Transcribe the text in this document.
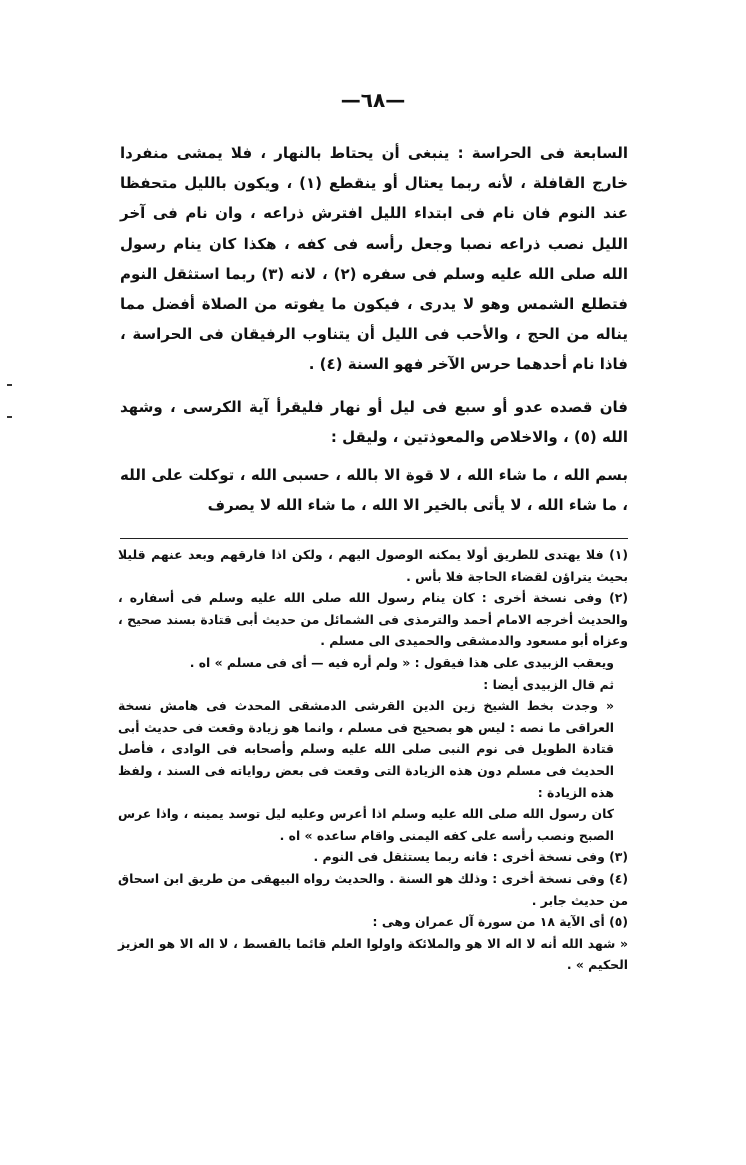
—٦٨—

السابعة فى الحراسة : ينبغى أن يحتاط بالنهار ، فلا يمشى منفردا خارج القافلة ، لأنه ربما يعتال أو ينقطع (١) ، ويكون بالليل متحفظا عند النوم فان نام فى ابتداء الليل افترش ذراعه ، وان نام فى آخر الليل نصب ذراعه نصبا وجعل رأسه فى كفه ، هكذا كان ينام رسول الله صلى الله عليه وسلم فى سفره (٢) ، لانه (٣) ربما استثقل النوم فتطلع الشمس وهو لا يدرى ، فيكون ما يفوته من الصلاة أفضل مما يناله من الحج ، والأحب فى الليل أن يتناوب الرفيقان فى الحراسة ، فاذا نام أحدهما حرس الآخر فهو السنة (٤) .

فان قصده عدو أو سبع فى ليل أو نهار فليقرأ آية الكرسى ، وشهد الله (٥) ، والاخلاص والمعوذتين ، وليقل :

بسم الله ، ما شاء الله ، لا قوة الا بالله ، حسبى الله ، توكلت على الله ، ما شاء الله ، لا يأتى بالخير الا الله ، ما شاء الله لا يصرف

(١) فلا يهتدى للطريق أولا يمكنه الوصول اليهم ، ولكن اذا فارقهم وبعد عنهم قليلا بحيث يتراؤن لقضاء الحاجة فلا بأس .

(٢) وفى نسخة أخرى : كان ينام رسول الله صلى الله عليه وسلم فى أسفاره ، والحديث أخرجه الامام أحمد والترمذى فى الشمائل من حديث أبى قتادة بسند صحيح ، وعزاه أبو مسعود والدمشقى والحميدى الى مسلم .

ويعقب الزبيدى على هذا فيقول : « ولم أره فيه — أى فى مسلم » اه .

ثم قال الزبيدى أيضا :

« وجدت بخط الشيخ زين الدين القرشى الدمشقى المحدث فى هامش نسخة العراقى ما نصه : ليس هو بصحيح فى مسلم ، وانما هو زيادة وقعت فى حديث أبى قتادة الطويل فى نوم النبى صلى الله عليه وسلم وأصحابه فى الوادى ، فأصل الحديث فى مسلم دون هذه الزيادة التى وقعت فى بعض رواياته فى السند ، ولفظ هذه الزيادة :

كان رسول الله صلى الله عليه وسلم اذا أعرس وعليه ليل توسد يمينه ، واذا عرس الصبح ونصب رأسه على كفه اليمنى واقام ساعده » اه .

(٣) وفى نسخة أخرى : فانه ربما يستثقل فى النوم .

(٤) وفى نسخة أخرى : وذلك هو السنة . والحديث رواه البيهقى من طريق ابن اسحاق من حديث جابر .

(٥) أى الآية ١٨ من سورة آل عمران وهى :

« شهد الله أنه لا اله الا هو والملائكة واولوا العلم قائما بالقسط ، لا اله الا هو العزيز الحكيم » .
